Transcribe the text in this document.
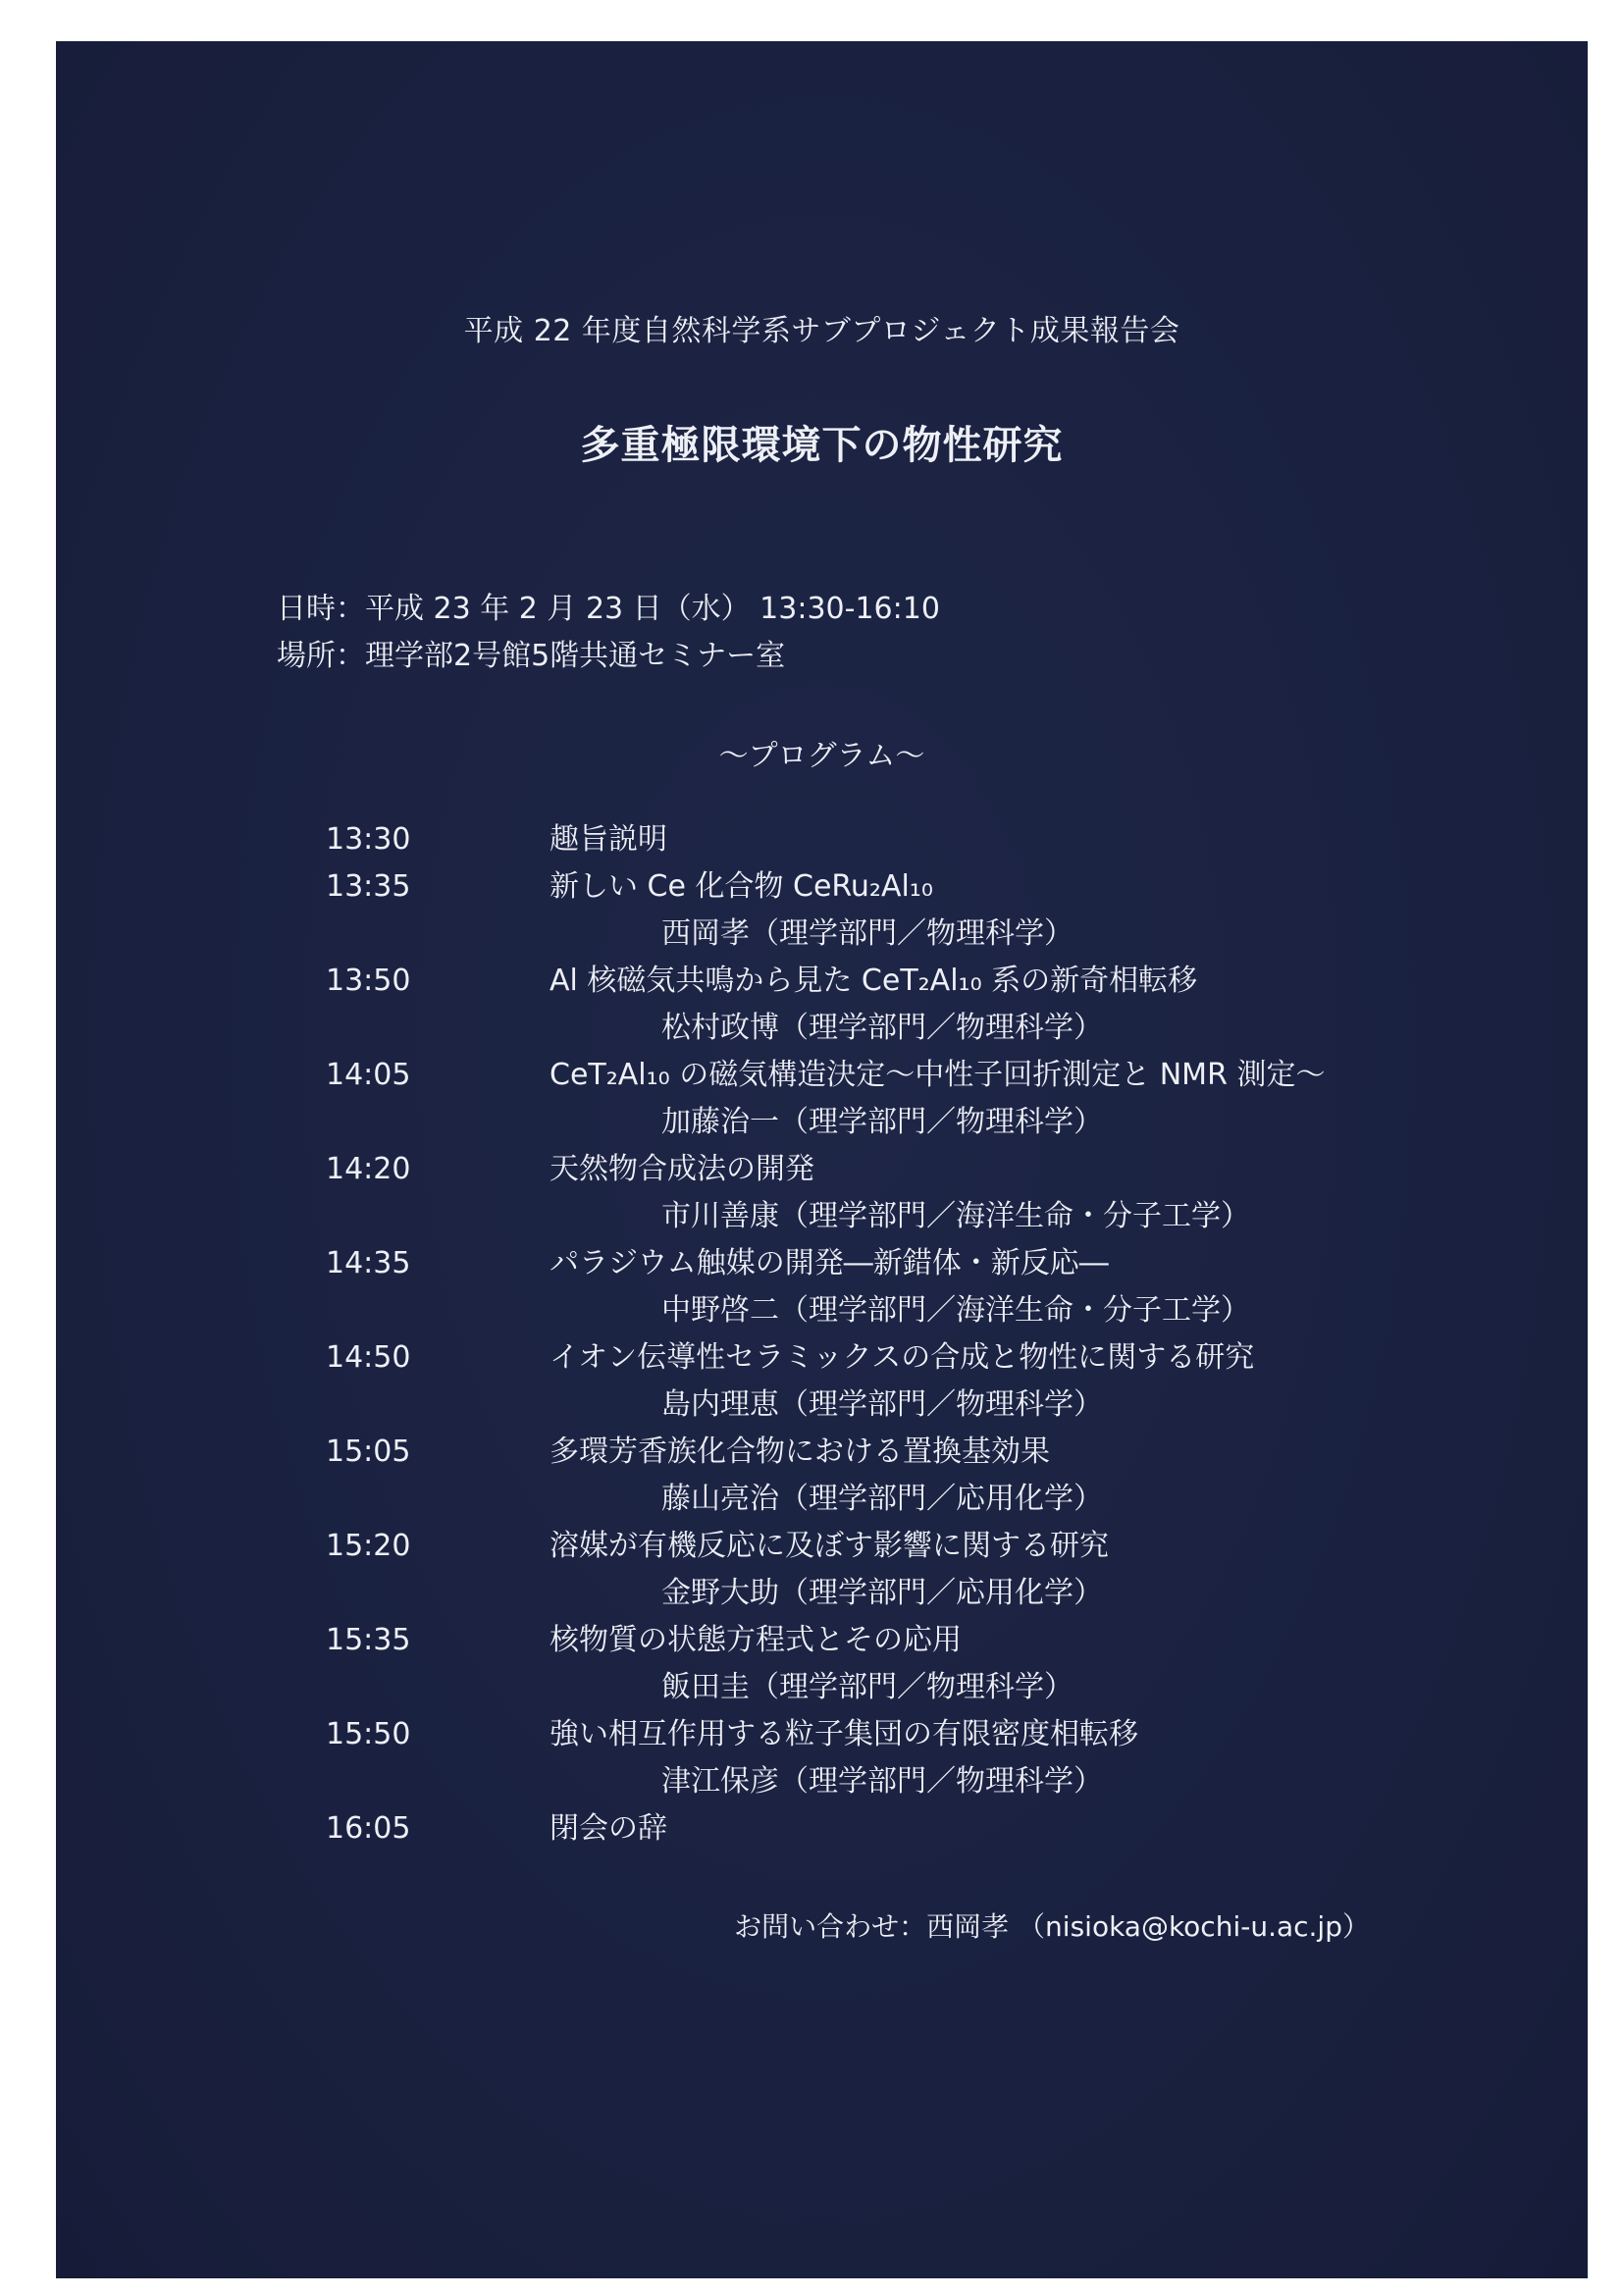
平成 22 年度自然科学系サブプロジェクト成果報告会
多重極限環境下の物性研究
日時：平成 23 年 2 月 23 日（水） 13:30-16:10
場所：理学部2号館5階共通セミナー室
～プログラム～
13:30	趣旨説明
13:35	新しい Ce 化合物 CeRu₂Al₁₀
西岡孝（理学部門／物理科学）
13:50	Al 核磁気共鳴から見た CeT₂Al₁₀ 系の新奇相転移
松村政博（理学部門／物理科学）
14:05	CeT₂Al₁₀ の磁気構造決定～中性子回折測定と NMR 測定～
加藤治一（理学部門／物理科学）
14:20	天然物合成法の開発
市川善康（理学部門／海洋生命・分子工学）
14:35	パラジウム触媒の開発―新錯体・新反応―
中野啓二（理学部門／海洋生命・分子工学）
14:50	イオン伝導性セラミックスの合成と物性に関する研究
島内理恵（理学部門／物理科学）
15:05	多環芳香族化合物における置換基効果
藤山亮治（理学部門／応用化学）
15:20	溶媒が有機反応に及ぼす影響に関する研究
金野大助（理学部門／応用化学）
15:35	核物質の状態方程式とその応用
飯田圭（理学部門／物理科学）
15:50	強い相互作用する粒子集団の有限密度相転移
津江保彦（理学部門／物理科学）
16:05	閉会の辞
お問い合わせ：西岡孝 （nisioka@kochi-u.ac.jp）
